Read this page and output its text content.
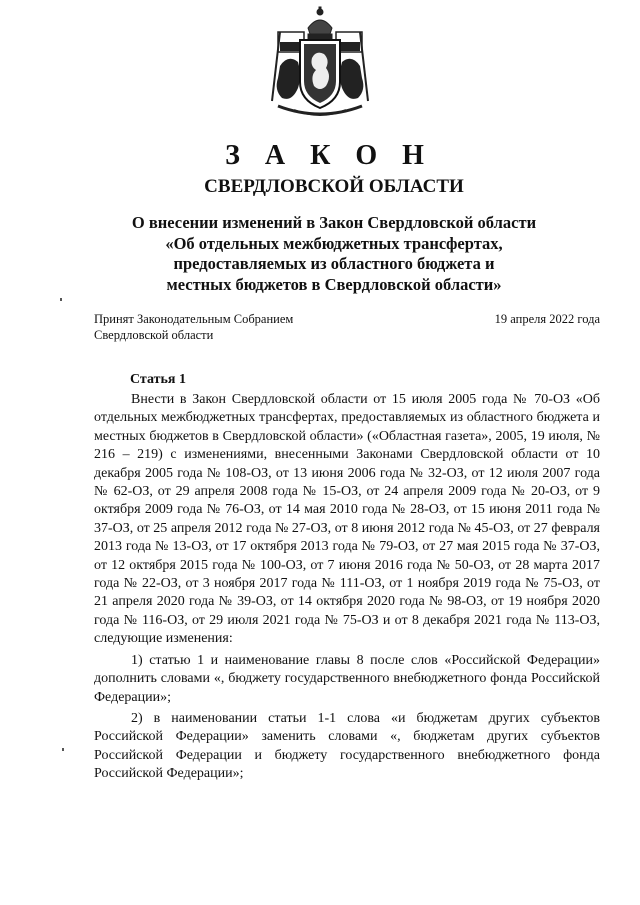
З А К О Н
СВЕРДЛОВСКОЙ ОБЛАСТИ
О внесении изменений в Закон Свердловской области
«Об отдельных межбюджетных трансфертах,
предоставляемых из областного бюджета и
местных бюджетов в Свердловской области»
Принят Законодательным Собранием
Свердловской области
19 апреля 2022 года
Статья 1

Внести в Закон Свердловской области от 15 июля 2005 года № 70-ОЗ «Об отдельных межбюджетных трансфертах, предоставляемых из областного бюджета и местных бюджетов в Свердловской области» («Областная газета», 2005, 19 июля, № 216 – 219) с изменениями, внесенными Законами Свердловской области от 10 декабря 2005 года № 108-ОЗ, от 13 июня 2006 года № 32-ОЗ, от 12 июля 2007 года № 62-ОЗ, от 29 апреля 2008 года № 15-ОЗ, от 24 апреля 2009 года № 20-ОЗ, от 9 октября 2009 года № 76-ОЗ, от 14 мая 2010 года № 28-ОЗ, от 15 июня 2011 года № 37-ОЗ, от 25 апреля 2012 года № 27-ОЗ, от 8 июня 2012 года № 45-ОЗ, от 27 февраля 2013 года № 13-ОЗ, от 17 октября 2013 года № 79-ОЗ, от 27 мая 2015 года № 37-ОЗ, от 12 октября 2015 года № 100-ОЗ, от 7 июня 2016 года № 50-ОЗ, от 28 марта 2017 года № 22-ОЗ, от 3 ноября 2017 года № 111-ОЗ, от 1 ноября 2019 года № 75-ОЗ, от 21 апреля 2020 года № 39-ОЗ, от 14 октября 2020 года № 98-ОЗ, от 19 ноября 2020 года № 116-ОЗ, от 29 июля 2021 года № 75-ОЗ и от 8 декабря 2021 года № 113-ОЗ, следующие изменения:

1) статью 1 и наименование главы 8 после слов «Российской Федерации» дополнить словами «, бюджету государственного внебюджетного фонда Российской Федерации»;

2) в наименовании статьи 1-1 слова «и бюджетам других субъектов Российской Федерации» заменить словами «, бюджетам других субъектов Российской Федерации и бюджету государственного внебюджетного фонда Российской Федерации»;
